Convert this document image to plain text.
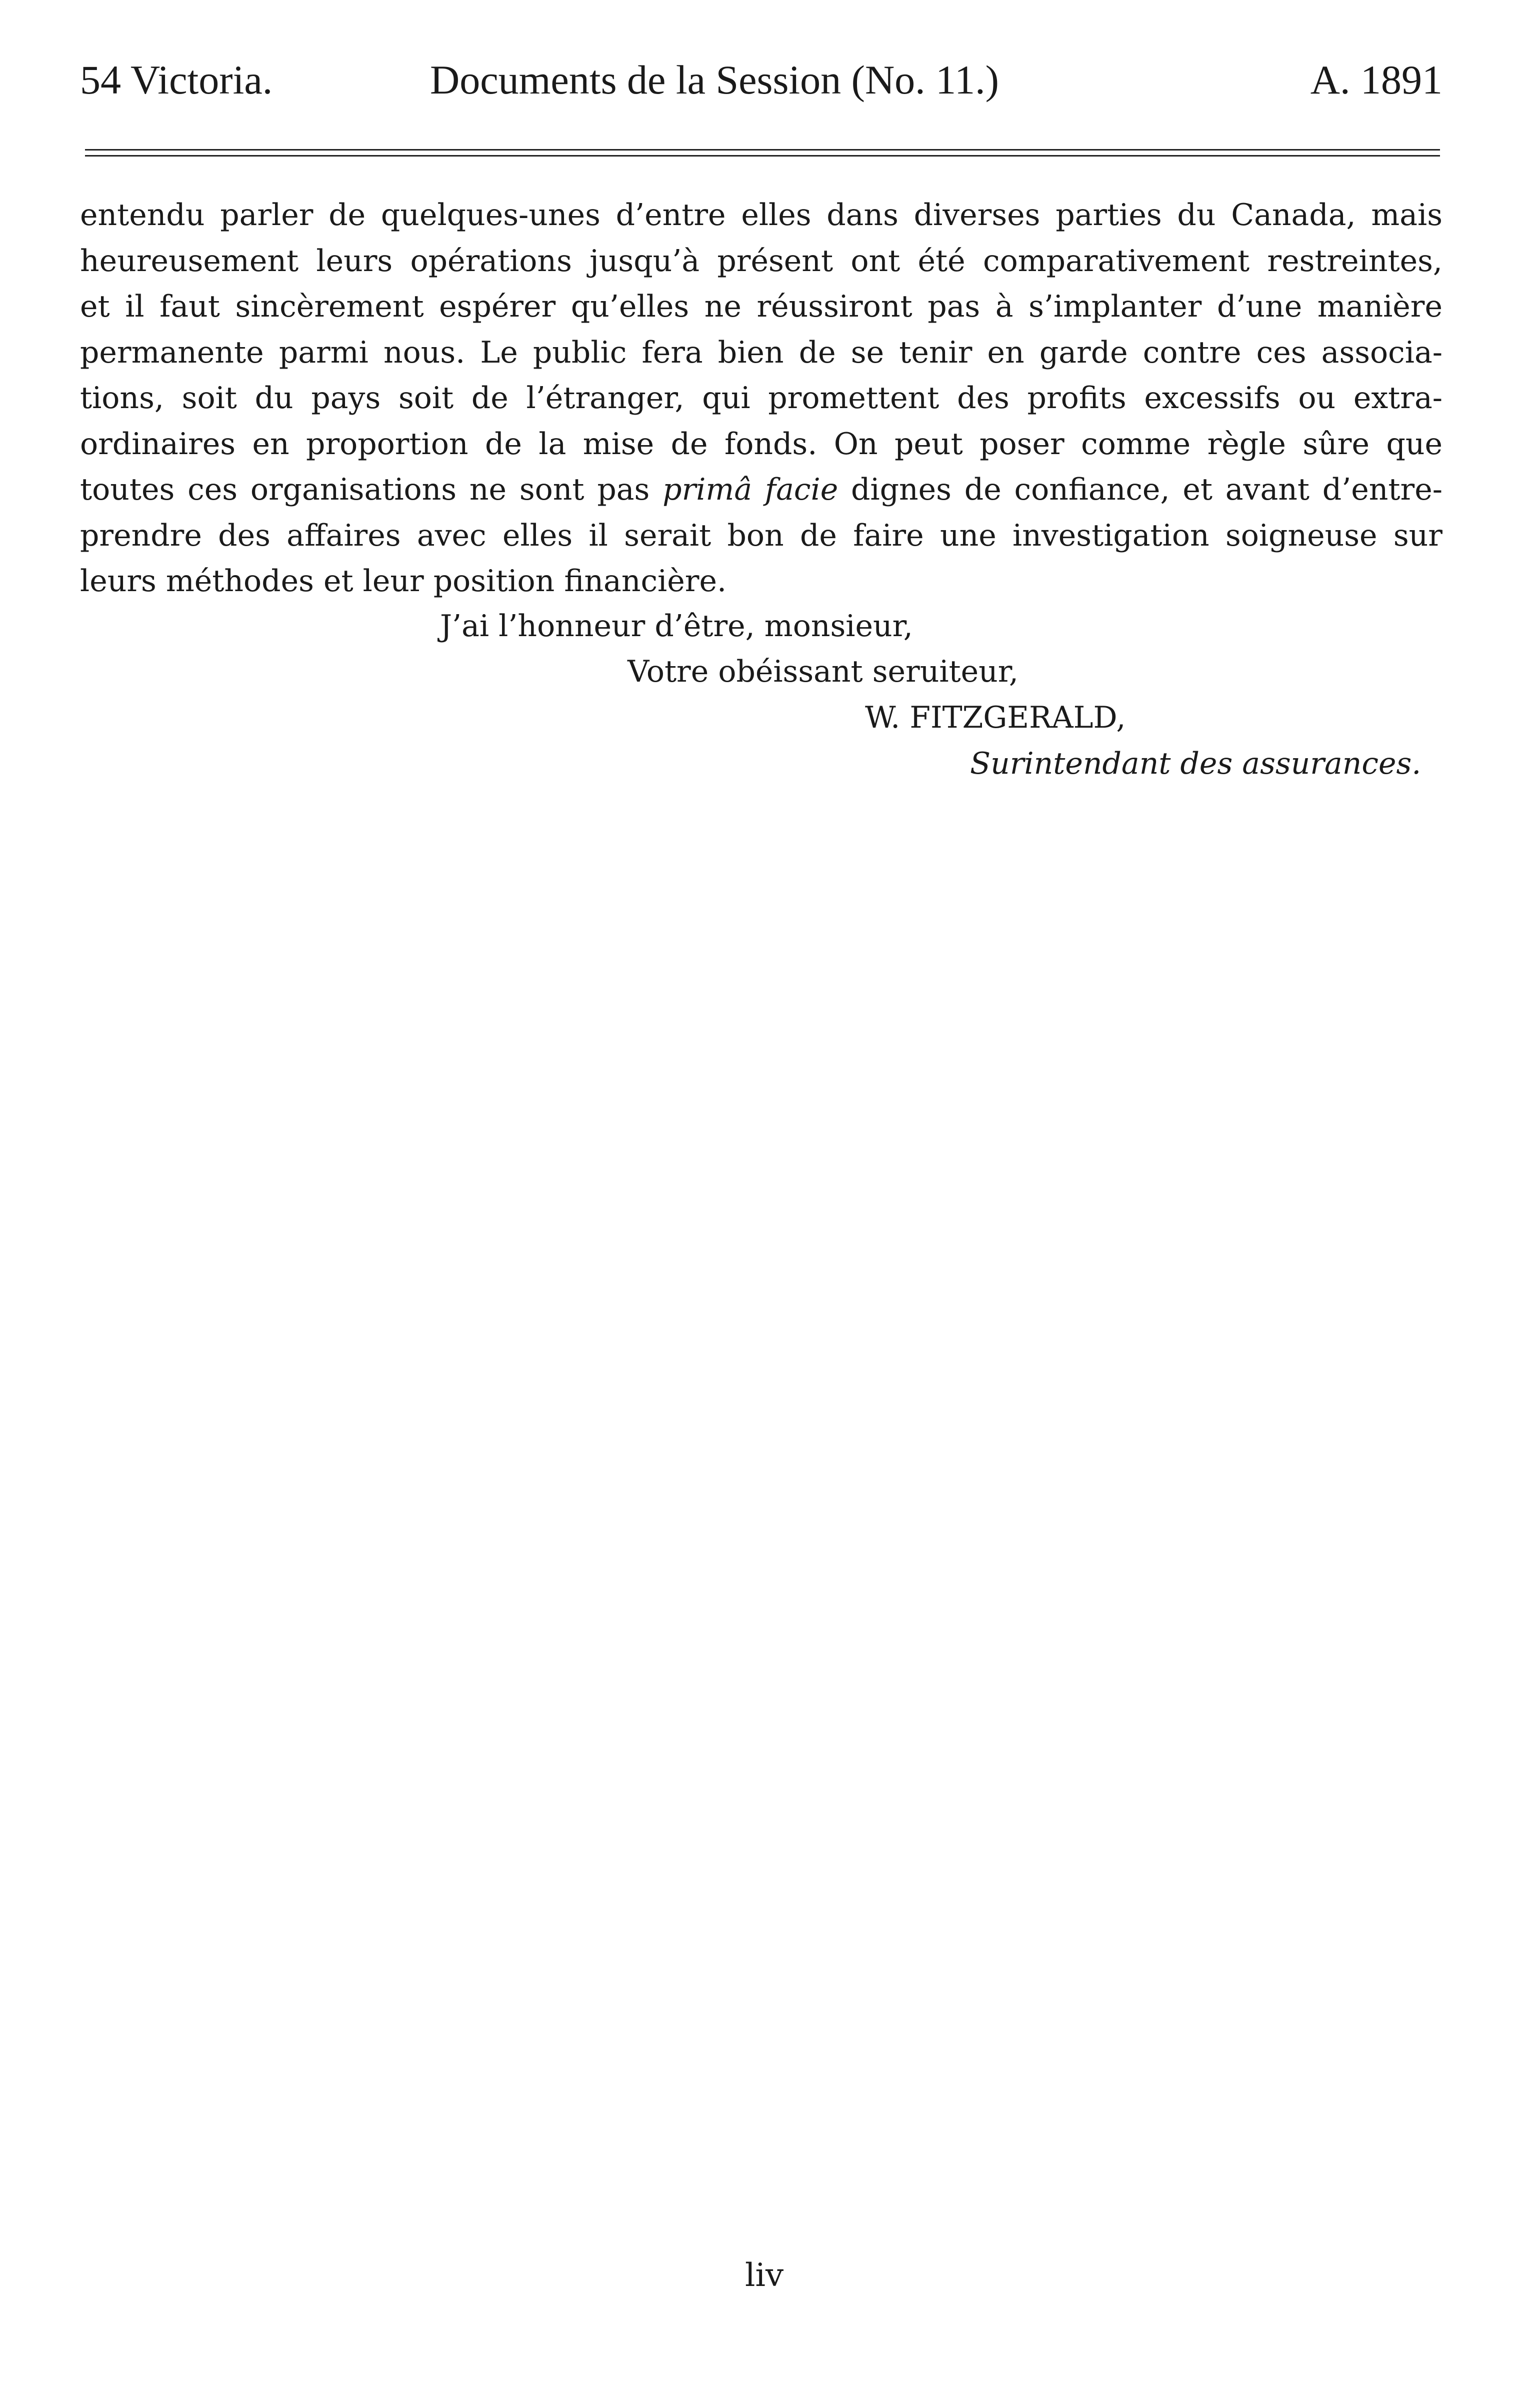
54 Victoria.	Documents de la Session (No. 11.)	A. 1891
entendu parler de quelques-unes d’entre elles dans diverses parties du Canada, mais
heureusement leurs opérations jusqu’à présent ont été comparativement restreintes,
et il faut sincèrement espérer qu’elles ne réussiront pas à s’implanter d’une manière
permanente parmi nous. Le public fera bien de se tenir en garde contre ces associa-
tions, soit du pays soit de l’étranger, qui promettent des profits excessifs ou extra-
ordinaires en proportion de la mise de fonds. On peut poser comme règle sûre que
toutes ces organisations ne sont pas primâ facie dignes de confiance, et avant d’entre-
prendre des affaires avec elles il serait bon de faire une investigation soigneuse sur
leurs méthodes et leur position financière.
J’ai l’honneur d’être, monsieur,
Votre obéissant seruiteur,
W. FITZGERALD,
Surintendant des assurances.
liv
